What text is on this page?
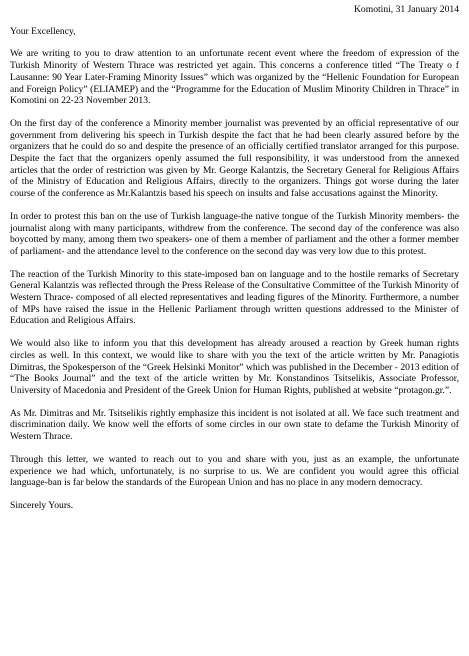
Komotini, 31 January 2014

Your Excellency,

We are writing to you to draw attention to an unfortunate recent event where the freedom of expression of the Turkish Minority of Western Thrace was restricted yet again. This concerns a conference titled “The Treaty o f Lausanne: 90 Year Later-Framing Minority Issues” which was organized by the “Hellenic Foundation for European and Foreign Policy” (ELIAMEP) and the “Programme for the Education of Muslim Minority Children in Thrace” in Komotini on 22-23 November 2013.

On the first day of the conference a Minority member journalist was prevented by an official representative of our government from delivering his speech in Turkish despite the fact that he had been clearly assured before by the organizers that he could do so and despite the presence of an officially certified translator arranged for this purpose. Despite the fact that the organizers openly assumed the full responsibility, it was understood from the annexed articles that the order of restriction was given by Mr. George Kalantzis, the Secretary General for Religious Affairs of the Ministry of Education and Religious Affairs, directly to the organizers. Things got worse during the later course of the conference as Mr.Kalantzis based his speech on insults and false accusations against the Minority.

In order to protest this ban on the use of Turkish language-the native tongue of the Turkish Minority members- the journalist along with many participants, withdrew from the conference. The second day of the conference was also boycotted by many, among them two speakers- one of them a member of parliament and the other a former member of parliament- and the attendance level to the conference on the second day was very low due to this protest.

The reaction of the Turkish Minority to this state-imposed ban on language and to the hostile remarks of Secretary General Kalantzis was reflected through the Press Release of the Consultative Committee of the Turkish Minority of Western Thrace- composed of all elected representatives and leading figures of the Minority. Furthermore, a number of MPs have raised the issue in the Hellenic Parliament through written questions addressed to the Minister of Education and Religious Affairs.

We would also like to inform you that this development has already aroused a reaction by Greek human rights circles as well. In this context, we would like to share with you the text of the article written by Mr. Panagiotis Dimitras, the Spokesperson of the “Greek Helsinki Monitor” which was published in the December - 2013 edition of “The Books Journal” and the text of the article written by Mr. Konstandinos Tsitselikis, Associate Professor, University of Macedonia and President of the Greek Union for Human Rights, published at website “protagon.gr.”.

As Mr. Dimitras and Mr. Tsitselikis rightly emphasize this incident is not isolated at all. We face such treatment and discrimination daily. We know well the efforts of some circles in our own state to defame the Turkish Minority of Western Thrace.

Through this letter, we wanted to reach out to you and share with you, just as an example, the unfortunate experience we had which, unfortunately, is no surprise to us. We are confident you would agree this official language-ban is far below the standards of the European Union and has no place in any modern democracy.

Sincerely Yours.
